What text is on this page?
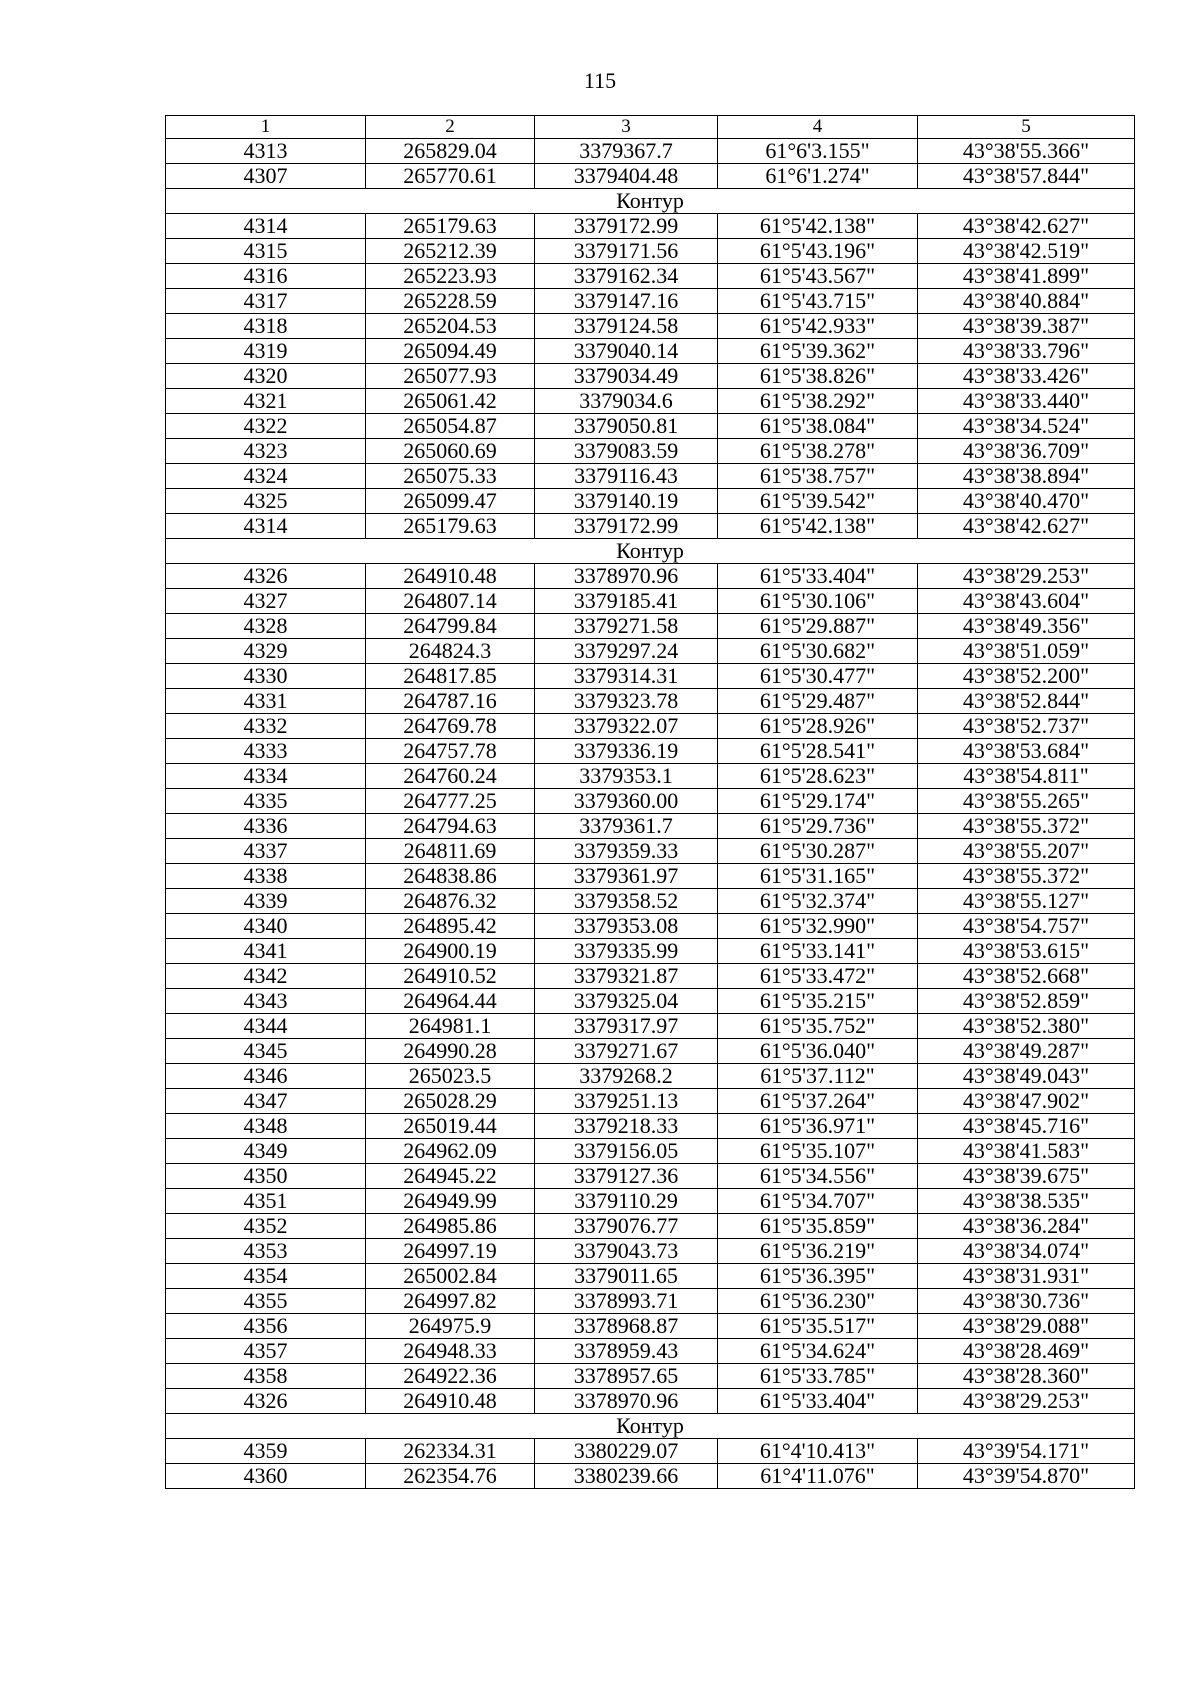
115
1	2	3	4	5
4313	265829.04	3379367.7	61°6'3.155"	43°38'55.366"
4307	265770.61	3379404.48	61°6'1.274"	43°38'57.844"
Контур				
4314	265179.63	3379172.99	61°5'42.138"	43°38'42.627"
4315	265212.39	3379171.56	61°5'43.196"	43°38'42.519"
4316	265223.93	3379162.34	61°5'43.567"	43°38'41.899"
4317	265228.59	3379147.16	61°5'43.715"	43°38'40.884"
4318	265204.53	3379124.58	61°5'42.933"	43°38'39.387"
4319	265094.49	3379040.14	61°5'39.362"	43°38'33.796"
4320	265077.93	3379034.49	61°5'38.826"	43°38'33.426"
4321	265061.42	3379034.6	61°5'38.292"	43°38'33.440"
4322	265054.87	3379050.81	61°5'38.084"	43°38'34.524"
4323	265060.69	3379083.59	61°5'38.278"	43°38'36.709"
4324	265075.33	3379116.43	61°5'38.757"	43°38'38.894"
4325	265099.47	3379140.19	61°5'39.542"	43°38'40.470"
4314	265179.63	3379172.99	61°5'42.138"	43°38'42.627"
Контур				
4326	264910.48	3378970.96	61°5'33.404"	43°38'29.253"
4327	264807.14	3379185.41	61°5'30.106"	43°38'43.604"
4328	264799.84	3379271.58	61°5'29.887"	43°38'49.356"
4329	264824.3	3379297.24	61°5'30.682"	43°38'51.059"
4330	264817.85	3379314.31	61°5'30.477"	43°38'52.200"
4331	264787.16	3379323.78	61°5'29.487"	43°38'52.844"
4332	264769.78	3379322.07	61°5'28.926"	43°38'52.737"
4333	264757.78	3379336.19	61°5'28.541"	43°38'53.684"
4334	264760.24	3379353.1	61°5'28.623"	43°38'54.811"
4335	264777.25	3379360.00	61°5'29.174"	43°38'55.265"
4336	264794.63	3379361.7	61°5'29.736"	43°38'55.372"
4337	264811.69	3379359.33	61°5'30.287"	43°38'55.207"
4338	264838.86	3379361.97	61°5'31.165"	43°38'55.372"
4339	264876.32	3379358.52	61°5'32.374"	43°38'55.127"
4340	264895.42	3379353.08	61°5'32.990"	43°38'54.757"
4341	264900.19	3379335.99	61°5'33.141"	43°38'53.615"
4342	264910.52	3379321.87	61°5'33.472"	43°38'52.668"
4343	264964.44	3379325.04	61°5'35.215"	43°38'52.859"
4344	264981.1	3379317.97	61°5'35.752"	43°38'52.380"
4345	264990.28	3379271.67	61°5'36.040"	43°38'49.287"
4346	265023.5	3379268.2	61°5'37.112"	43°38'49.043"
4347	265028.29	3379251.13	61°5'37.264"	43°38'47.902"
4348	265019.44	3379218.33	61°5'36.971"	43°38'45.716"
4349	264962.09	3379156.05	61°5'35.107"	43°38'41.583"
4350	264945.22	3379127.36	61°5'34.556"	43°38'39.675"
4351	264949.99	3379110.29	61°5'34.707"	43°38'38.535"
4352	264985.86	3379076.77	61°5'35.859"	43°38'36.284"
4353	264997.19	3379043.73	61°5'36.219"	43°38'34.074"
4354	265002.84	3379011.65	61°5'36.395"	43°38'31.931"
4355	264997.82	3378993.71	61°5'36.230"	43°38'30.736"
4356	264975.9	3378968.87	61°5'35.517"	43°38'29.088"
4357	264948.33	3378959.43	61°5'34.624"	43°38'28.469"
4358	264922.36	3378957.65	61°5'33.785"	43°38'28.360"
4326	264910.48	3378970.96	61°5'33.404"	43°38'29.253"
Контур				
4359	262334.31	3380229.07	61°4'10.413"	43°39'54.171"
4360	262354.76	3380239.66	61°4'11.076"	43°39'54.870"
